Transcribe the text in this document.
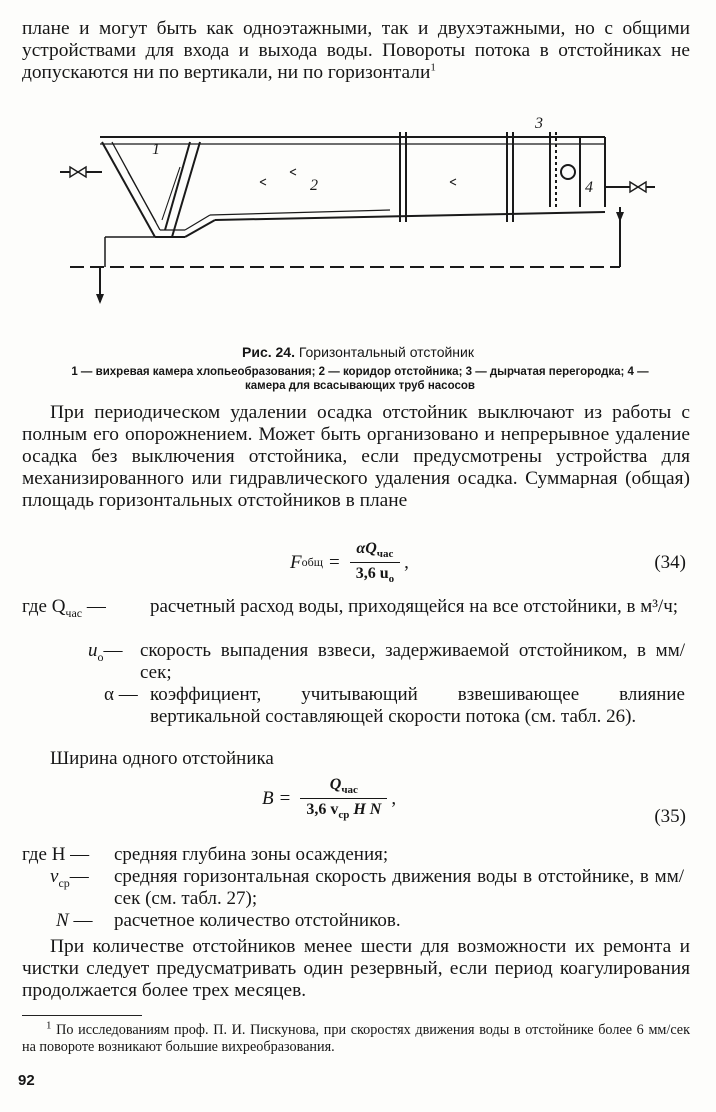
плане и могут быть как одноэтажными, так и двухэтажными, но с общими устройствами для входа и выхода воды. Повороты потока в отстойниках не допускаются ни по вертикали, ни по горизонтали$^1$

1
2
3
4
Рис. 24. Горизонтальный отстойник
1 — вихревая камера хлопьеобразования; 2 — коридор отстойника; 3 — дырчатая перегородка; 4 — камера для всасывающих труб насосов

При периодическом удалении осадка отстойник выключают из работы с полным его опорожнением. Может быть организовано и непрерывное удаление осадка без выключения отстойника, если предусмотрены устройства для механизированного или гидравлического удаления осадка. Суммарная (общая) площадь горизонтальных отстойников в плане

F общ = $\frac{\alpha Q_{час}}{3,6 u_о}$ ,	(34)
где $Q_{час}$ — расчетный расход воды, приходящейся на все отстойники, в м³/ч;
$u_о—$ скорость выпадения взвеси, задерживаемой отстойником, в мм/сек;
α — коэффициент, учитывающий взвешивающее влияние вертикальной составляющей скорости потока (см. табл. 26).
Ширина одного отстойника
$B = \frac{Q_{час}}{3,6 v_{ср} H N}$ ,
(35)
где H — средняя глубина зоны осаждения;
$v_{ср}—$ средняя горизонтальная скорость движения воды в отстойнике, в мм/сек (см. табл. 27);
N — расчетное количество отстойников.

При количестве отстойников менее шести для возможности их ремонта и чистки следует предусматривать один резервный, если период коагулирования продолжается более трех месяцев.

$^1$ По исследованиям проф. П. И. Пискунова, при скоростях движения воды в отстойнике более 6 мм/сек на повороте возникают большие вихреобразования.
92
